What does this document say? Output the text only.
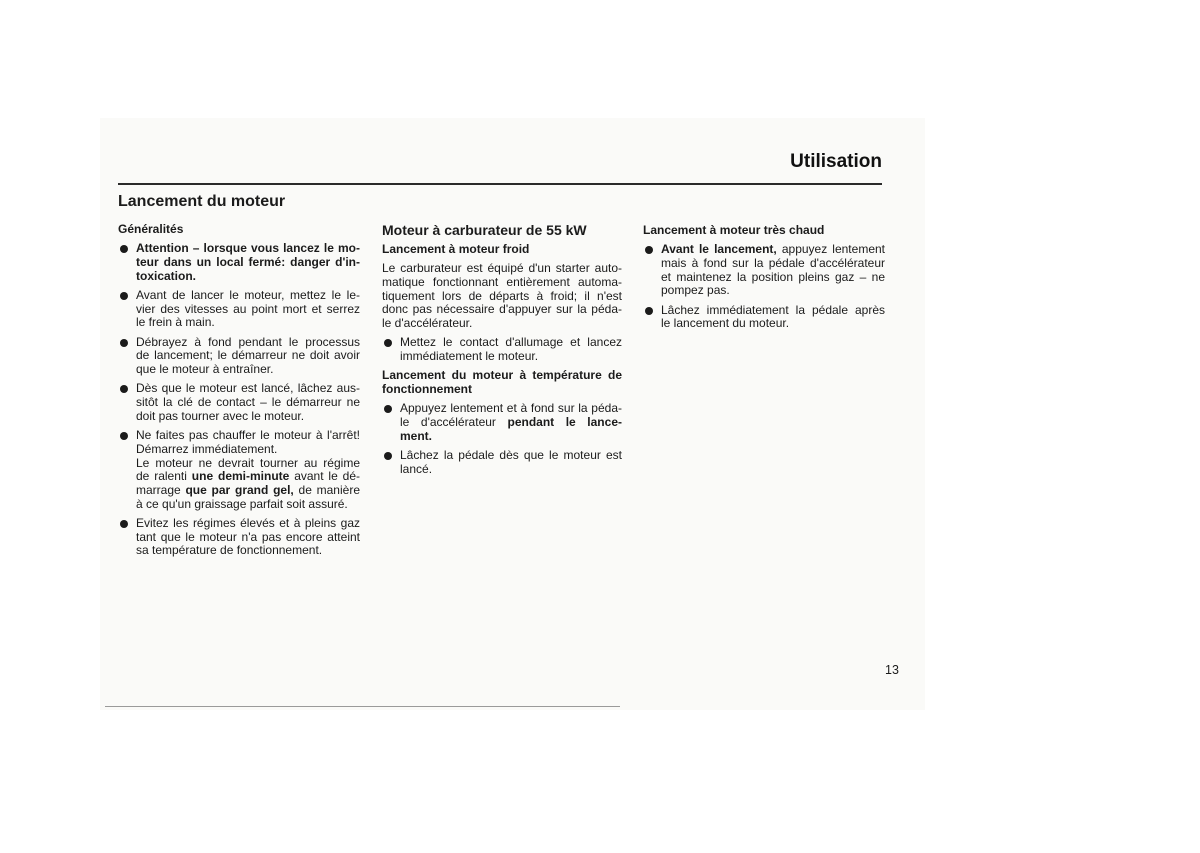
Utilisation
Lancement du moteur
Généralités
Attention – lorsque vous lancez le mo-
teur dans un local fermé: danger d'in-
toxication.
Avant de lancer le moteur, mettez le le-
vier des vitesses au point mort et serrez
le frein à main.
Débrayez à fond pendant le processus
de lancement; le démarreur ne doit avoir
que le moteur à entraîner.
Dès que le moteur est lancé, lâchez aus-
sitôt la clé de contact – le démarreur ne
doit pas tourner avec le moteur.
Ne faites pas chauffer le moteur à l'arrêt!
Démarrez immédiatement.
Le moteur ne devrait tourner au régime
de ralenti une demi-minute avant le dé-
marrage que par grand gel, de manière
à ce qu'un graissage parfait soit assuré.
Evitez les régimes élevés et à pleins gaz
tant que le moteur n'a pas encore atteint
sa température de fonctionnement.
Moteur à carburateur de 55 kW
Lancement à moteur froid
Le carburateur est équipé d'un starter auto-
matique fonctionnant entièrement automa-
tiquement lors de départs à froid; il n'est
donc pas nécessaire d'appuyer sur la péda-
le d'accélérateur.
Mettez le contact d'allumage et lancez
immédiatement le moteur.
Lancement du moteur à température de
fonctionnement
Appuyez lentement et à fond sur la péda-
le d'accélérateur pendant le lance-
ment.
Lâchez la pédale dès que le moteur est
lancé.
Lancement à moteur très chaud
Avant le lancement, appuyez lentement
mais à fond sur la pédale d'accélérateur
et maintenez la position pleins gaz – ne
pompez pas.
Lâchez immédiatement la pédale après
le lancement du moteur.
13
